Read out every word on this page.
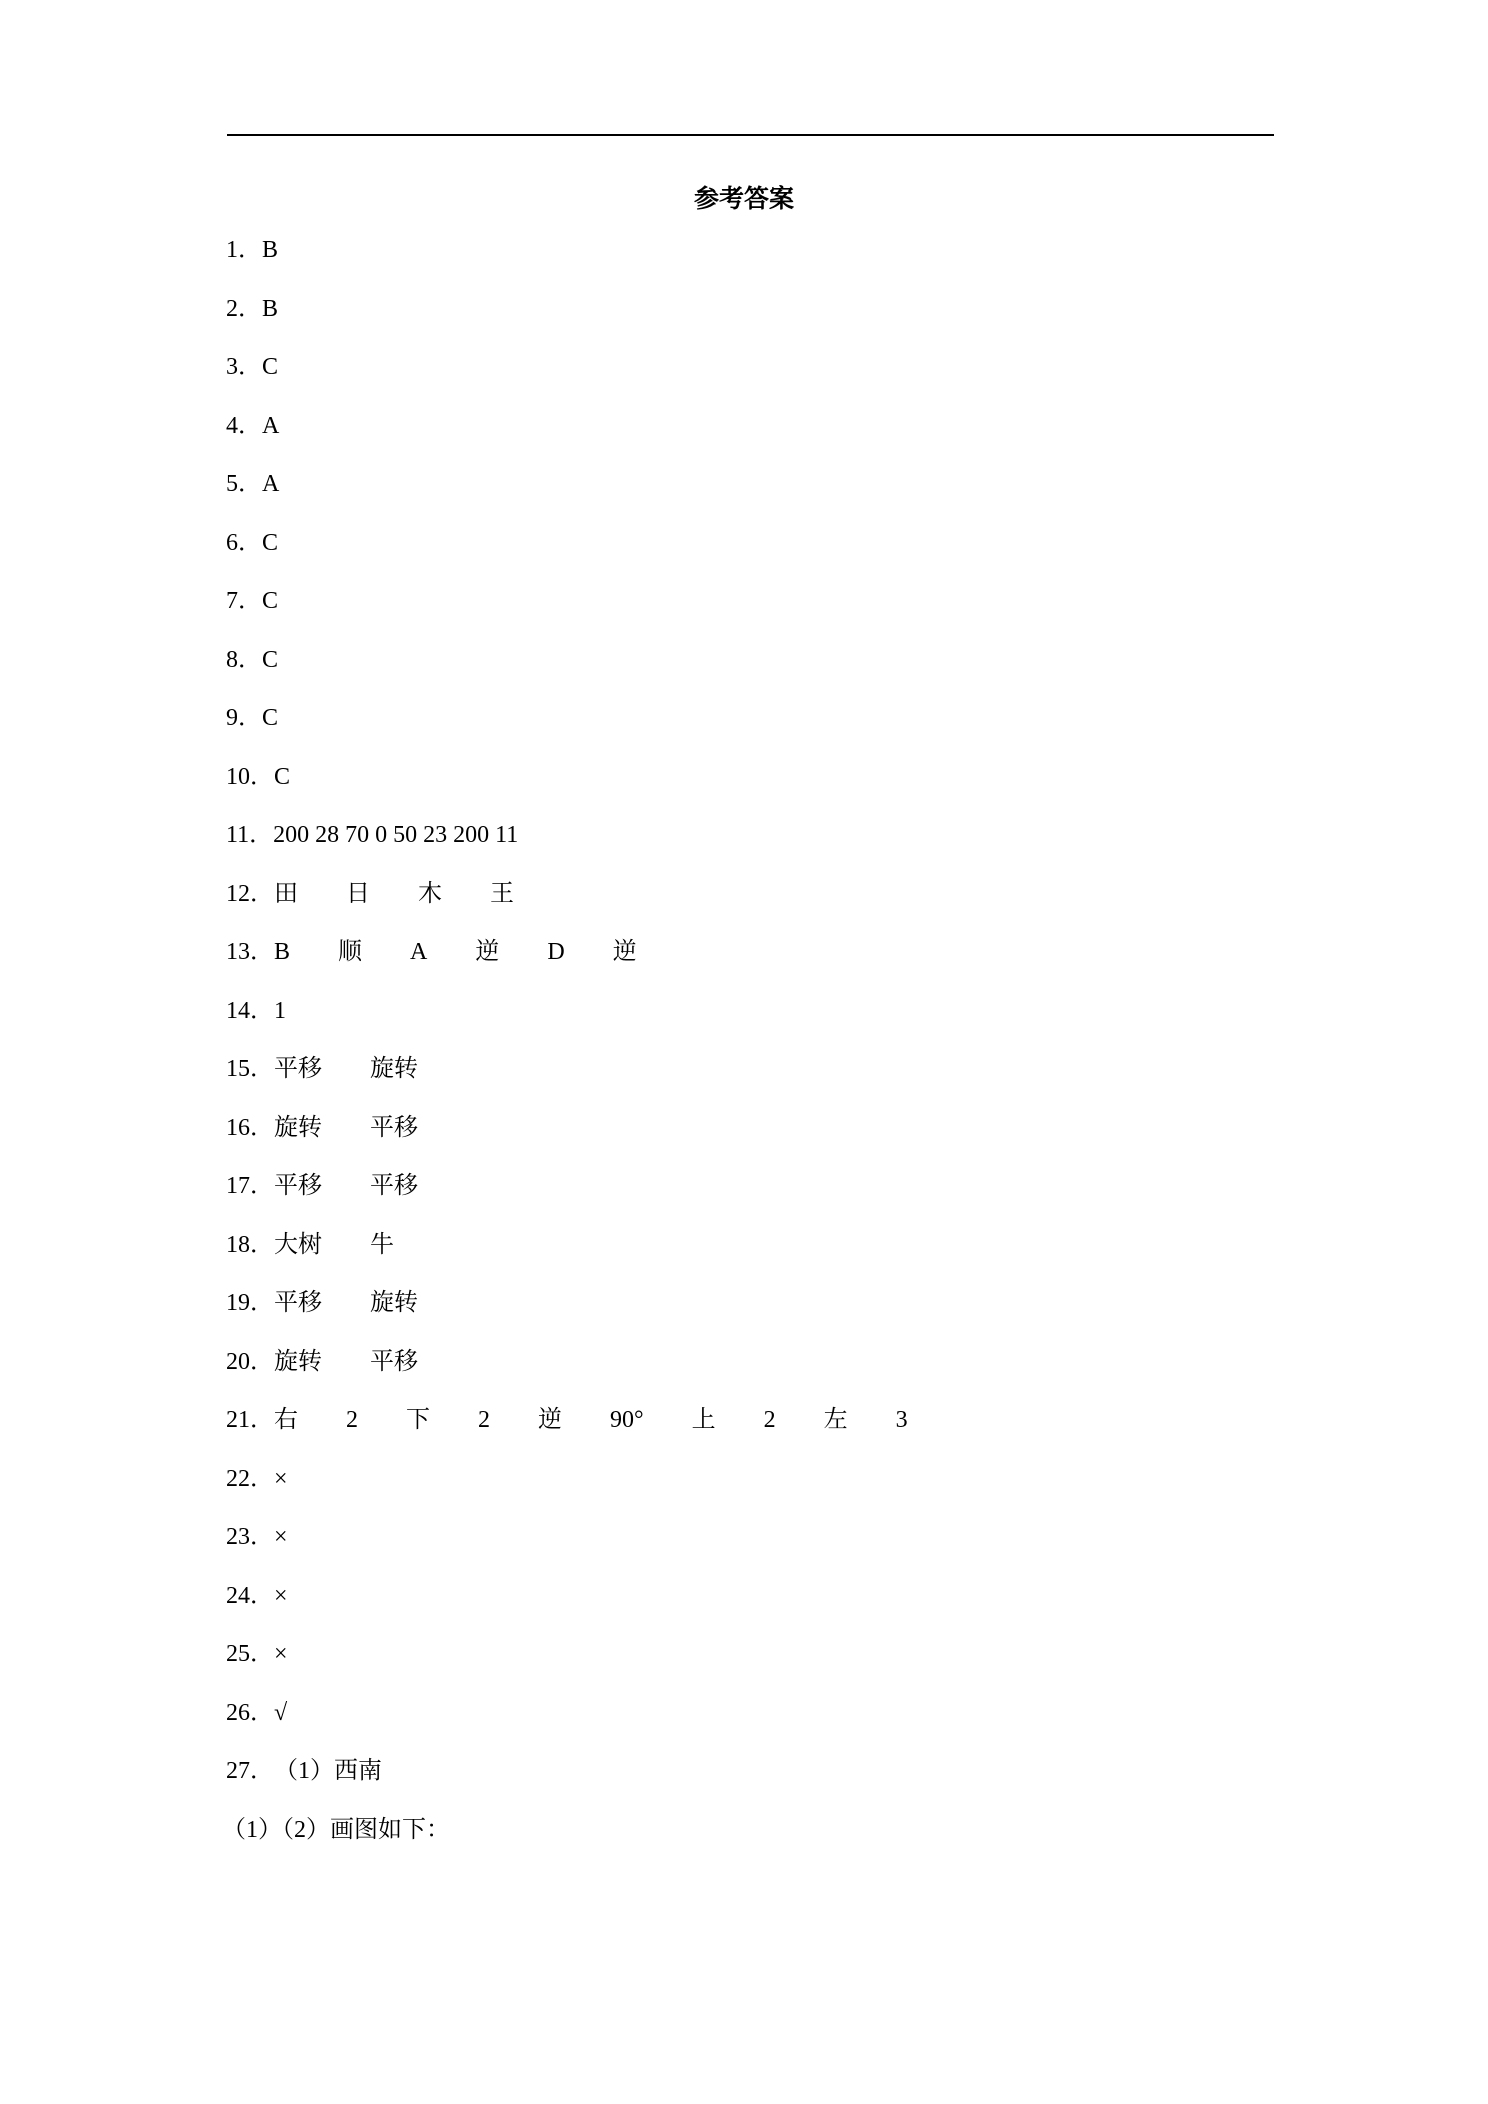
参考答案
1．B
2．B
3．C
4．A
5．A
6．C
7．C
8．C
9．C
10．C
11．200 28 70 0 50 23 200 11
12．田 日 木 王
13．B 顺 A 逆 D 逆
14．1
15．平移 旋转
16．旋转 平移
17．平移 平移
18．大树 牛
19．平移 旋转
20．旋转 平移
21．右 2 下 2 逆 90° 上 2 左 3
22．×
23．×
24．×
25．×
26．√
27．（1）西南
（1）（2）画图如下：
